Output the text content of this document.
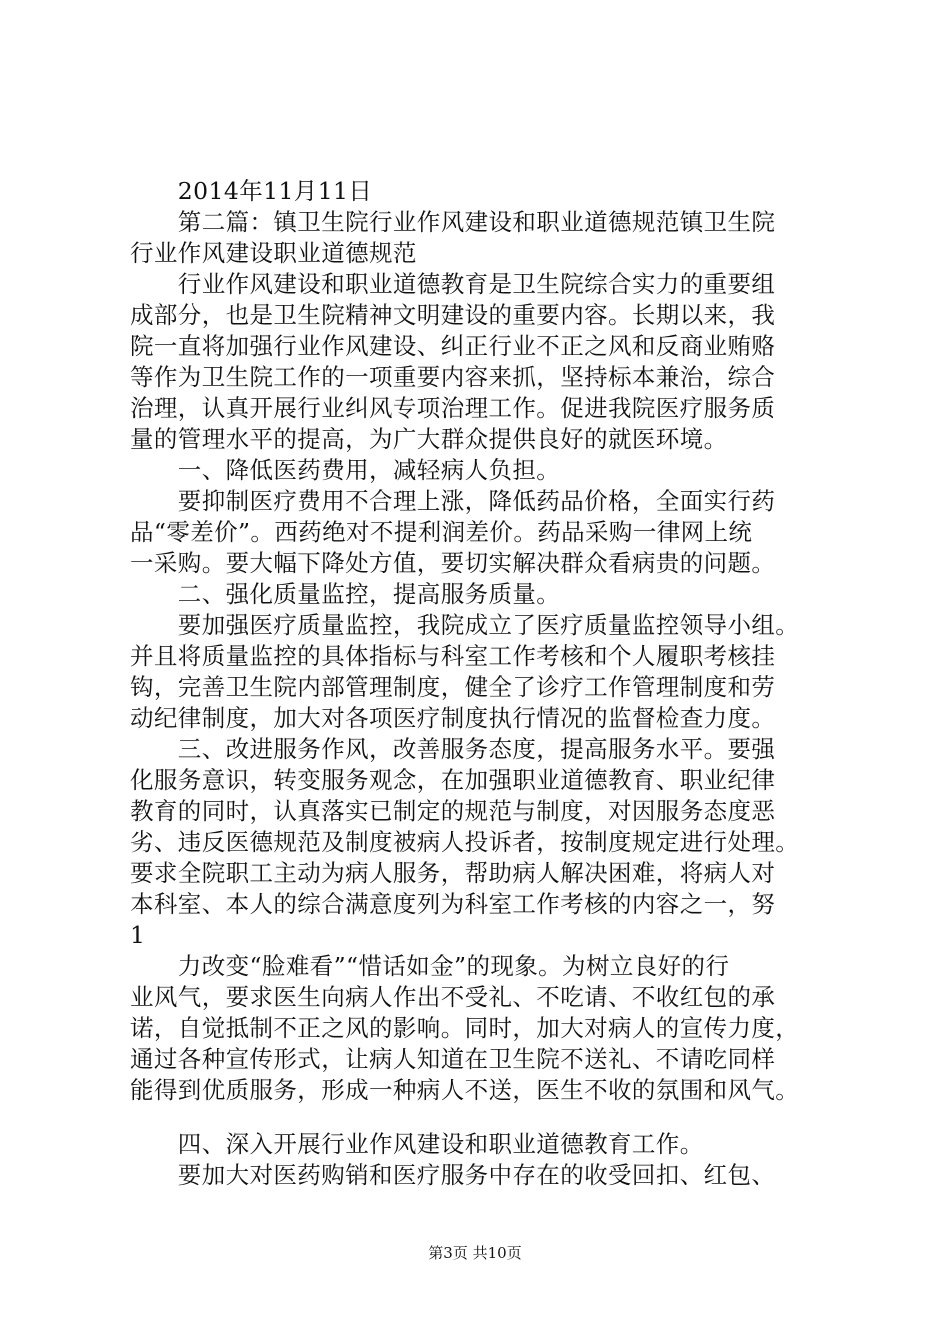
　　2014年11月11日
　　第二篇：镇卫生院行业作风建设和职业道德规范镇卫生院
行业作风建设职业道德规范
　　行业作风建设和职业道德教育是卫生院综合实力的重要组
成部分，也是卫生院精神文明建设的重要内容。长期以来，我
院一直将加强行业作风建设、纠正行业不正之风和反商业贿赂
等作为卫生院工作的一项重要内容来抓，坚持标本兼治，综合
治理，认真开展行业纠风专项治理工作。促进我院医疗服务质
量的管理水平的提高，为广大群众提供良好的就医环境。
　　一、降低医药费用，减轻病人负担。
　　要抑制医疗费用不合理上涨，降低药品价格，全面实行药
品“零差价”。西药绝对不提利润差价。药品采购一律网上统
一采购。要大幅下降处方值，要切实解决群众看病贵的问题。
　　二、强化质量监控，提高服务质量。
　　要加强医疗质量监控，我院成立了医疗质量监控领导小组。
并且将质量监控的具体指标与科室工作考核和个人履职考核挂
钩，完善卫生院内部管理制度，健全了诊疗工作管理制度和劳
动纪律制度，加大对各项医疗制度执行情况的监督检查力度。
　　三、改进服务作风，改善服务态度，提高服务水平。要强
化服务意识，转变服务观念，在加强职业道德教育、职业纪律
教育的同时，认真落实已制定的规范与制度，对因服务态度恶
劣、违反医德规范及制度被病人投诉者，按制度规定进行处理。
要求全院职工主动为病人服务，帮助病人解决困难，将病人对
本科室、本人的综合满意度列为科室工作考核的内容之一，努
1
　　力改变“脸难看”“惜话如金”的现象。为树立良好的行
业风气，要求医生向病人作出不受礼、不吃请、不收红包的承
诺，自觉抵制不正之风的影响。同时，加大对病人的宣传力度，
通过各种宣传形式，让病人知道在卫生院不送礼、不请吃同样
能得到优质服务，形成一种病人不送，医生不收的氛围和风气。
　　四、深入开展行业作风建设和职业道德教育工作。
　　要加大对医药购销和医疗服务中存在的收受回扣、红包、
第3页 共10页
